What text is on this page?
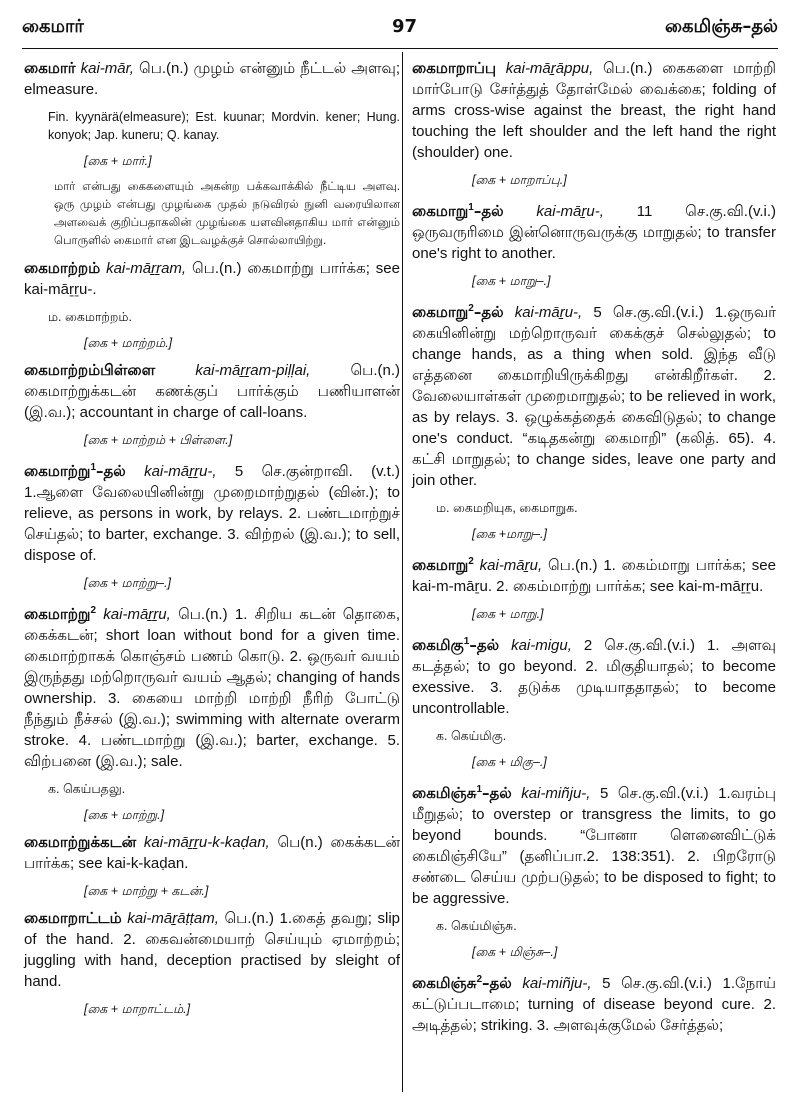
கைமார்	97	கைமிஞ்சு–தல்
கைமார் kai-mār, பெ.(n.) முழம் என்னும் நீட்டல் அளவு; elmeasure.
Fin. kyynärä(elmeasure); Est. kuunar; Mordvin. kener; Hung. konyok; Jap. kuneru; Q. kanay.
[கை + மார்.]
மார் என்பது கைகளையும் அகன்ற பக்கவாக்கில் நீட்டிய அளவு. ஒரு முழம் என்பது முழங்கை முதல் நடுவிரல் நுனி வரையிலான அளவைக் குறிப்பதாகலின் முழங்கை யளவினதாகிய மார் என்னும் பொருளில் கைமார் என இடவழக்குச் சொல்லாயிற்று.
கைமாற்றம் kai-māṟṟam, பெ.(n.) கைமாற்று பார்க்க; see kai-māṟṟu-.
ம. கைமாற்றம்.
[கை + மாற்றம்.]
கைமாற்றம்பிள்ளை	kai-māṟṟam-piḷḷai,	பெ.(n.) கைமாற்றுக்கடன் கணக்குப் பார்க்கும் பணியாளன் (இ.வ.); accountant in charge of call-loans.
[கை + மாற்றம் + பிள்ளை.]
கைமாற்று$^1$–தல் kai-māṟṟu-, 5 செ.குன்றாவி. (v.t.) 1.ஆளை வேலையினின்று முறைமாற்றுதல் (வின்.); to relieve, as persons in work, by relays. 2. பண்டமாற்றுச் செய்தல்; to barter, exchange. 3. விற்றல் (இ.வ.); to sell, dispose of.
[கை + மாற்று–.]
கைமாற்று$^2$ kai-māṟṟu, பெ.(n.) 1. சிறிய கடன் தொகை, கைக்கடன்; short loan without bond for a given time. கைமாற்றாகக் கொஞ்சம் பணம் கொடு. 2. ஒருவர் வயம் இருந்தது மற்றொருவர் வயம் ஆதல்; changing of hands ownership. 3. கையை மாற்றி மாற்றி நீரிற் போட்டு நீந்தும் நீச்சல் (இ.வ.); swimming with alternate overarm stroke. 4. பண்டமாற்று (இ.வ.); barter, exchange. 5. விற்பனை (இ.வ.); sale.
க. கெய்பதலு.
[கை + மாற்று.]
கைமாற்றுக்கடன் kai-māṟṟu-k-kaḍan, பெ(n.) கைக்கடன் பார்க்க; see kai-k-kaḍan.
[கை + மாற்று + கடன்.]
கைமாறாட்டம் kai-māṟāṭṭam, பெ.(n.) 1.கைத் தவறு; slip of the hand. 2. கைவன்மையாற் செய்யும் ஏமாற்றம்; juggling with hand, deception practised by sleight of hand.
[கை + மாறாட்டம்.]
கைமாறாப்பு kai-māṟāppu, பெ.(n.) கைகளை மாற்றி மார்போடு சேர்த்துத் தோள்மேல் வைக்கை; folding of arms cross-wise against the breast, the right hand touching the left shoulder and the left hand the right (shoulder) one.
[கை + மாறாப்பு.]
கைமாறு$^1$–தல் kai-māṟu-, 11 செ.கு.வி.(v.i.) ஒருவருரிமை இன்னொருவருக்கு மாறுதல்; to transfer one's right to another.
[கை + மாறு–.]
கைமாறு$^2$–தல் kai-māṟu-, 5 செ.கு.வி.(v.i.) 1.ஒருவர் கையினின்று மற்றொருவர் கைக்குச் செல்லுதல்; to change hands, as a thing when sold. இந்த வீடு எத்தனை கைமாறியிருக்கிறது என்கிறீர்கள். 2. வேலையாள்கள் முறைமாறுதல்; to be relieved in work, as by relays. 3. ஒழுக்கத்தைக் கைவிடுதல்; to change one's conduct. “கடிதகன்று கைமாறி” (கலித். 65). 4. கட்சி மாறுதல்; to change sides, leave one party and join other.
ம. கைமறியுக, கைமாறுக.
[கை +மாறு–.]
கைமாறு$^2$ kai-māṟu, பெ.(n.) 1. கைம்மாறு பார்க்க; see kai-m-māṟu. 2. கைம்மாற்று பார்க்க; see kai-m-māṟṟu.
[கை + மாறு.]
கைமிகு$^1$–தல் kai-migu, 2 செ.கு.வி.(v.i.) 1. அளவு கடத்தல்; to go beyond. 2. மிகுதியாதல்; to become exessive. 3. தடுக்க முடியாததாதல்; to become uncontrollable.
க. கெய்மிகு.
[கை + மிகு–.]
கைமிஞ்சு$^1$–தல் kai-miñju-, 5 செ.கு.வி.(v.i.) 1.வரம்பு மீறுதல்; to overstep or transgress the limits, to go beyond bounds. “போனா ளெனைவிட்டுக் கைமிஞ்சியே” (தனிப்பா.2. 138:351). 2. பிறரோடு சண்டை செய்ய முற்படுதல்; to be disposed to fight; to be aggressive.
க. கெய்மிஞ்சு.
[கை + மிஞ்சு–.]
கைமிஞ்சு$^2$–தல் kai-miñju-, 5 செ.கு.வி.(v.i.) 1.நோய் கட்டுப்படாமை; turning of disease beyond cure. 2. அடித்தல்; striking. 3. அளவுக்குமேல் சேர்த்தல்;
